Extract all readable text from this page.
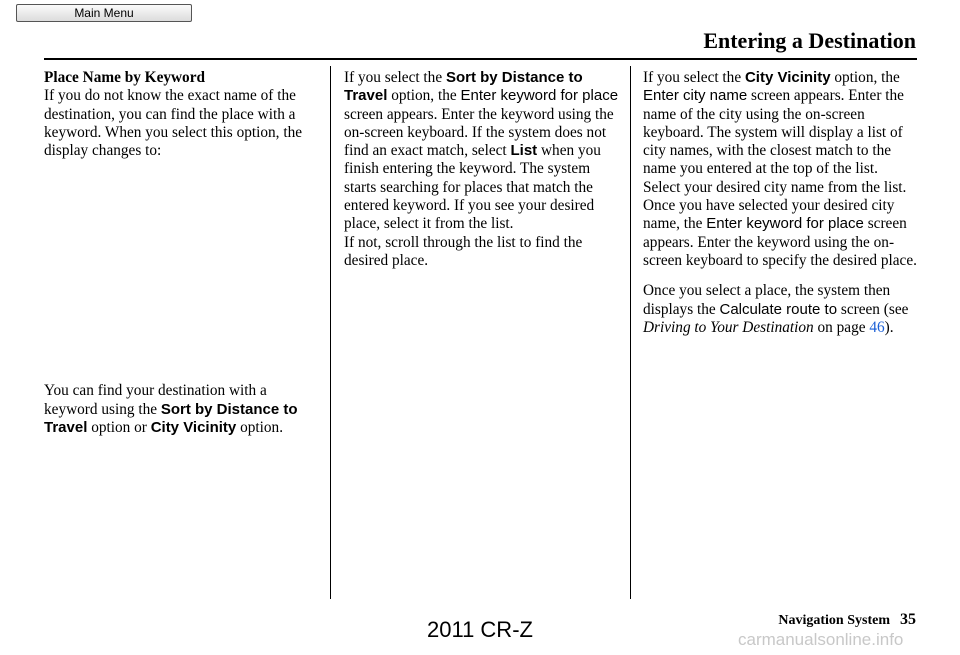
Main Menu
Entering a Destination

Place Name by Keyword

If you do not know the exact name of the destination, you can find the place with a keyword. When you select this option, the display changes to:

You can find your destination with a keyword using the Sort by Distance to Travel option or City Vicinity option.

If you select the Sort by Distance to Travel option, the Enter keyword for place screen appears. Enter the keyword using the on-screen keyboard. If the system does not find an exact match, select List when you finish entering the keyword. The system starts searching for places that match the entered keyword. If you see your desired place, select it from the list.

If not, scroll through the list to find the desired place.

If you select the City Vicinity option, the Enter city name screen appears. Enter the name of the city using the on-screen keyboard. The system will display a list of city names, with the closest match to the name you entered at the top of the list. Select your desired city name from the list. Once you have selected your desired city name, the Enter keyword for place screen appears. Enter the keyword using the on-screen keyboard to specify the desired place.

Once you select a place, the system then displays the Calculate route to screen (see Driving to Your Destination on page 46).

Navigation System 35
2011 CR-Z	carmanualsonline.info
